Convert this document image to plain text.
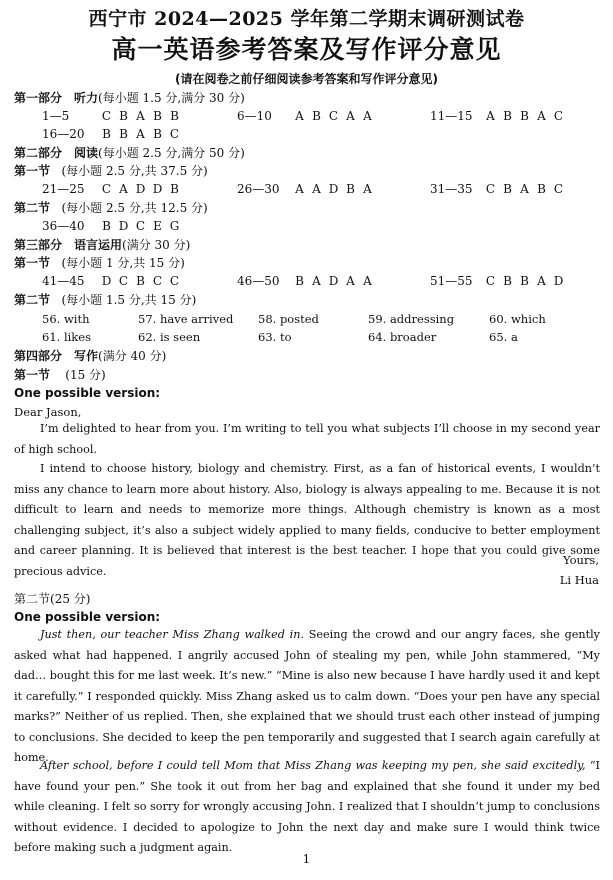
西宁市 2024—2025 学年第二学期末调研测试卷
高一英语参考答案及写作评分意见
(请在阅卷之前仔细阅读参考答案和写作评分意见)
第一部分　听力(每小题 1.5 分,满分 30 分)
1—5	C B A B B	6—10 A B C A A	11—15 A B B A C
16—20 B B A B C
第二部分　阅读(每小题 2.5 分,满分 50 分)
第一节 (每小题 2.5 分,共 37.5 分)
21—25 C A D D B	26—30 A A D B A	31—35 C B A B C
第二节 (每小题 2.5 分,共 12.5 分)
36—40 B D C E G
第三部分　语言运用(满分 30 分)
第一节 (每小题 1 分,共 15 分)
41—45 D C B C C	46—50 B A D A A	51—55 C B B A D
第二节 (每小题 1.5 分,共 15 分)
56. with	57. have arrived 58. posted	59. addressing	60. which
61. likes	62. is seen	63. to	64. broader	65. a
第四部分　写作(满分 40 分)
第一节 (15 分)
One possible version:
Dear Jason,
I’m delighted to hear from you. I’m writing to tell you what subjects I’ll choose in my second year of high school.
I intend to choose history, biology and chemistry. First, as a fan of historical events, I wouldn’t miss any chance to learn more about history. Also, biology is always appealing to me. Because it is not difficult to learn and needs to memorize more things. Although chemistry is known as a most challenging subject, it’s also a subject widely applied to many fields, conducive to better employment and career planning. It is believed that interest is the best teacher. I hope that you could give some precious advice.
Yours,
Li Hua
第二节(25 分)
One possible version:
Just then, our teacher Miss Zhang walked in. Seeing the crowd and our angry faces, she gently asked what had happened. I angrily accused John of stealing my pen, while John stammered, “My dad… bought this for me last week. It’s new.” “Mine is also new because I have hardly used it and kept it carefully.” I responded quickly. Miss Zhang asked us to calm down. “Does your pen have any special marks?” Neither of us replied. Then, she explained that we should trust each other instead of jumping to conclusions. She decided to keep the pen temporarily and suggested that I search again carefully at home.
After school, before I could tell Mom that Miss Zhang was keeping my pen, she said excitedly, “I have found your pen.” She took it out from her bag and explained that she found it under my bed while cleaning. I felt so sorry for wrongly accusing John. I realized that I shouldn’t jump to conclusions without evidence. I decided to apologize to John the next day and make sure I would think twice before making such a judgment again.
1
